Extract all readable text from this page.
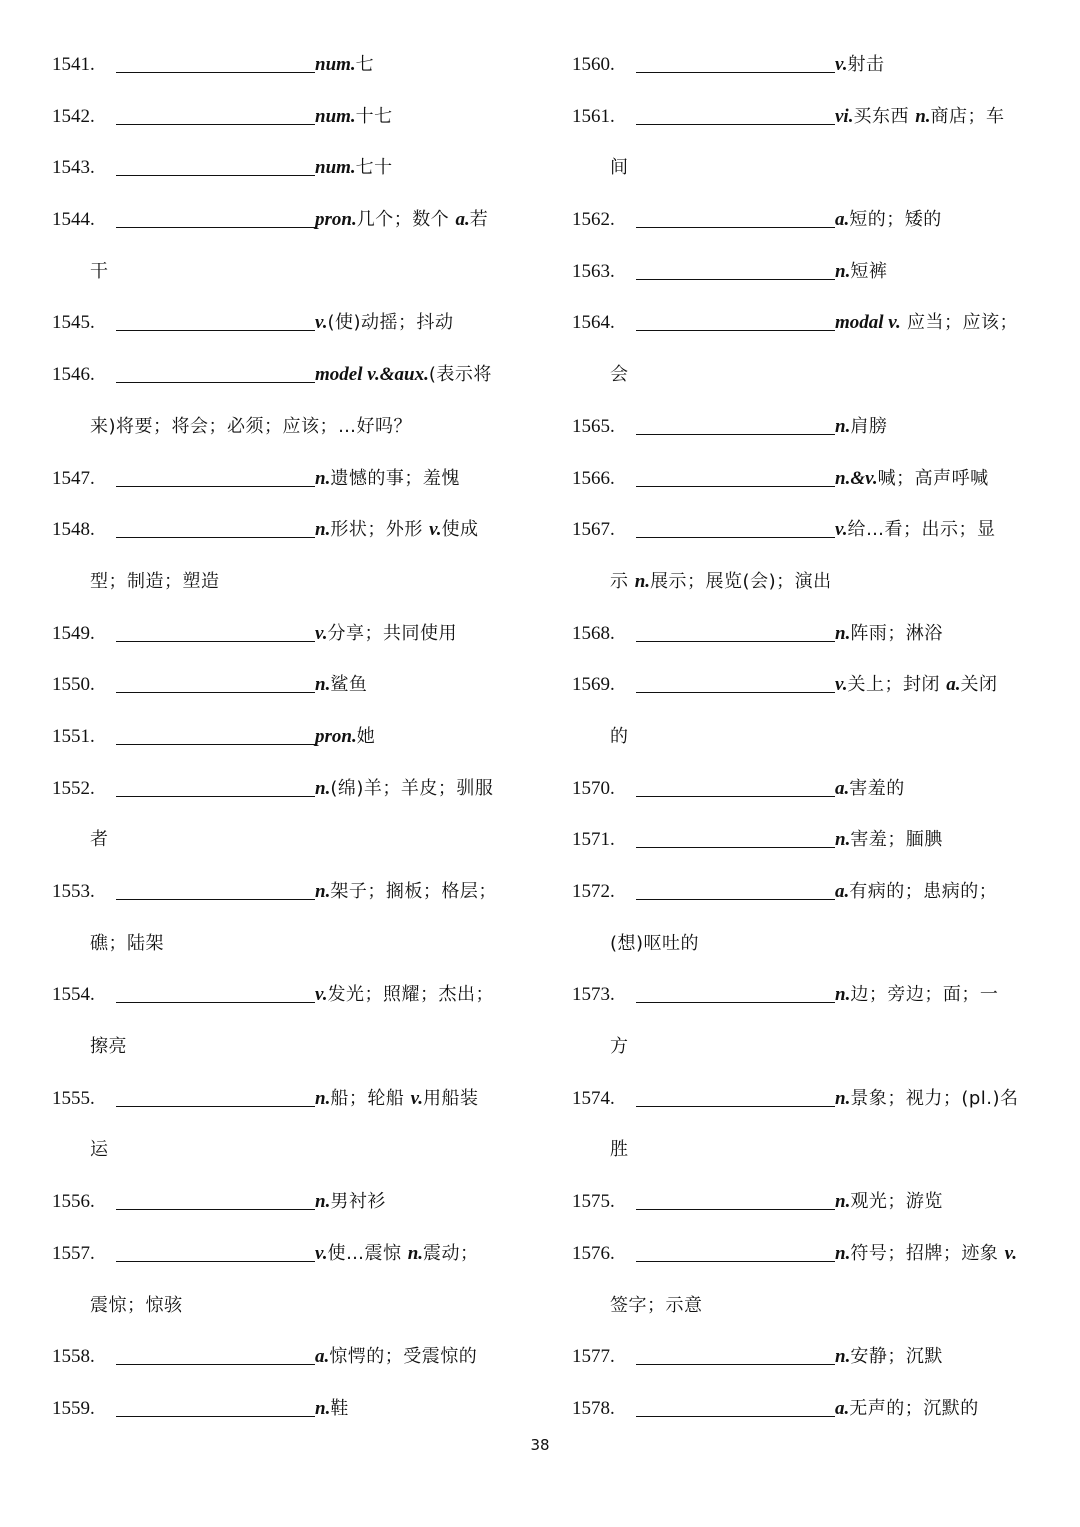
1541.	num.七
1542.	num.十七
1543.	num.七十
1544.	pron.几个；数个 a.若
干
1545.	v.(使)动摇；抖动
1546.	model v.&aux.(表示将
来)将要；将会；必须；应该；…好吗？
1547.	n.遗憾的事；羞愧
1548.	n.形状；外形 v.使成
型；制造；塑造
1549.	v.分享；共同使用
1550.	n.鲨鱼
1551.	pron.她
1552.	n.(绵)羊；羊皮；驯服
者
1553.	n.架子；搁板；格层；
礁；陆架
1554.	v.发光；照耀；杰出；
擦亮
1555.	n.船；轮船 v.用船装
运
1556.	n.男衬衫
1557.	v.使…震惊 n.震动；
震惊；惊骇
1558.	a.惊愕的；受震惊的
1559.	n.鞋
1560.	v.射击
1561.	vi.买东西 n.商店；车
间
1562.	a.短的；矮的
1563.	n.短裤
1564.	modal v. 应当；应该；
会
1565.	n.肩膀
1566.	n.&v.喊；高声呼喊
1567.	v.给…看；出示；显
示 n.展示；展览(会)；演出
1568.	n.阵雨；淋浴
1569.	v.关上；封闭 a.关闭
的
1570.	a.害羞的
1571.	n.害羞；腼腆
1572.	a.有病的；患病的；
(想)呕吐的
1573.	n.边；旁边；面；一
方
1574.	n.景象；视力；(pl.)名
胜
1575.	n.观光；游览
1576.	n.符号；招牌；迹象 v.
签字；示意
1577.	n.安静；沉默
1578.	a.无声的；沉默的
38
